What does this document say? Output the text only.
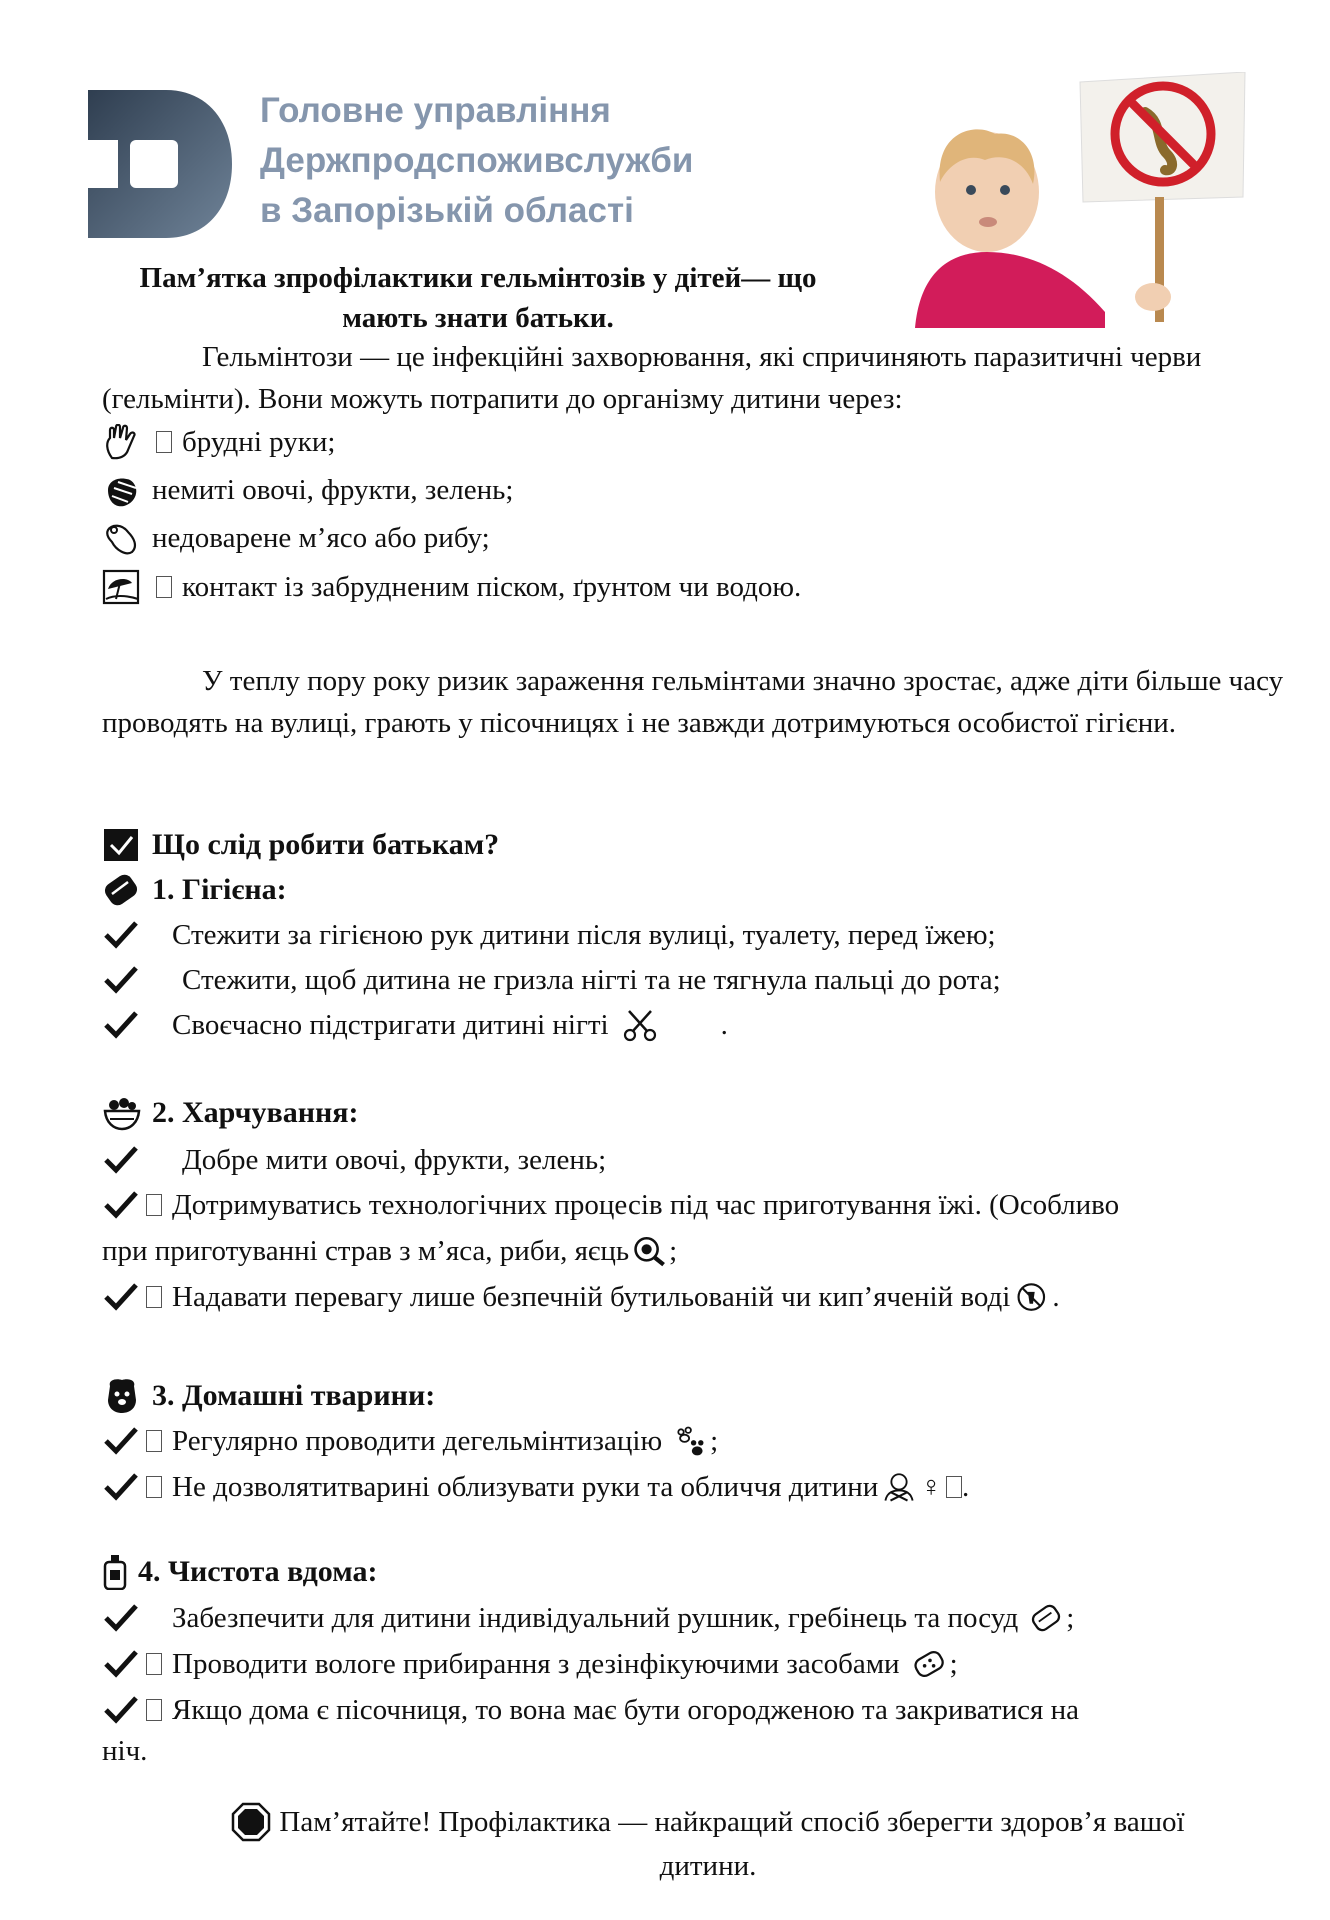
Головне управління
Держпродспоживслужби
в Запорізькій області
Пам’ятка зпрофілактики гельмінтозів у дітей— що
мають знати батьки.
Гельмінтози — це інфекційні захворювання, які спричиняють паразитичні черви (гельмінти). Вони можуть потрапити до організму дитини через:
брудні руки;
немиті овочі, фрукти, зелень;
недоварене м’ясо або рибу;
контакт із забрудненим піском, ґрунтом чи водою.
У теплу пору року ризик зараження гельмінтами значно зростає, адже діти більше часу проводять на вулиці, грають у пісочницях і не завжди дотримуються особистої гігієни.
Що слід робити батькам?
1. Гігієна:
Стежити за гігієною рук дитини після вулиці, туалету, перед їжею;
Стежити, щоб дитина не гризла нігті та не тягнула пальці до рота;
Своєчасно підстригати дитині нігті	.
2. Харчування:
Добре мити овочі, фрукти, зелень;
Дотримуватись технологічних процесів під час приготування їжі. (Особливо
при приготуванні страв з м’яса, риби, яєць ;
Надавати перевагу лише безпечній бутильованій чи кип’яченій воді .
3. Домашні тварини:
Регулярно проводити дегельмінтизацію ;
Не дозволятитварині облизувати руки та обличчя дитини ♀ .
4. Чистота вдома:
Забезпечити для дитини індивідуальний рушник, гребінець та посуд ;
Проводити вологе прибирання з дезінфікуючими засобами ;
Якщо дома є пісочниця, то вона має бути огородженою та закриватися на
ніч.
Пам’ятайте! Профілактика — найкращий спосіб зберегти здоров’я вашої
дитини.
